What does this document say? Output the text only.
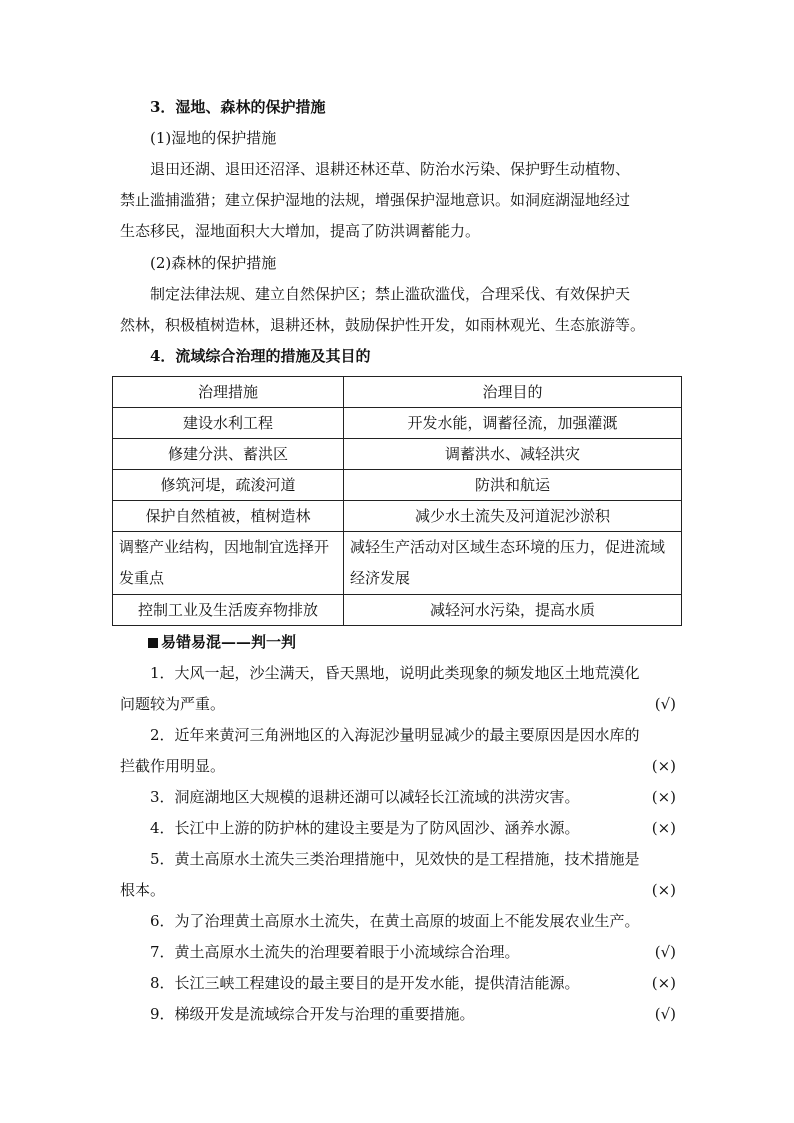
3．湿地、森林的保护措施
(1)湿地的保护措施
退田还湖、退田还沼泽、退耕还林还草、防治水污染、保护野生动植物、
禁止滥捕滥猎；建立保护湿地的法规，增强保护湿地意识。如洞庭湖湿地经过
生态移民，湿地面积大大增加，提高了防洪调蓄能力。
(2)森林的保护措施
制定法律法规、建立自然保护区；禁止滥砍滥伐，合理采伐、有效保护天
然林，积极植树造林，退耕还林，鼓励保护性开发，如雨林观光、生态旅游等。
4．流域综合治理的措施及其目的
治理措施	治理目的
建设水利工程	开发水能，调蓄径流，加强灌溉
修建分洪、蓄洪区	调蓄洪水、减轻洪灾
修筑河堤，疏浚河道	防洪和航运
保护自然植被，植树造林	减少水土流失及河道泥沙淤积
调整产业结构，因地制宜选择开发重点	减轻生产活动对区域生态环境的压力，促进流域经济发展
控制工业及生活废弃物排放	减轻河水污染，提高水质
易错易混——判一判
1．大风一起，沙尘满天，昏天黑地，说明此类现象的频发地区土地荒漠化
问题较为严重。	(√)
2．近年来黄河三角洲地区的入海泥沙量明显减少的最主要原因是因水库的
拦截作用明显。	(×)
3．洞庭湖地区大规模的退耕还湖可以减轻长江流域的洪涝灾害。	(×)
4．长江中上游的防护林的建设主要是为了防风固沙、涵养水源。	(×)
5．黄土高原水土流失三类治理措施中，见效快的是工程措施，技术措施是
根本。	(×)
6．为了治理黄土高原水土流失，在黄土高原的坡面上不能发展农业生产。
7．黄土高原水土流失的治理要着眼于小流域综合治理。	(√)
8．长江三峡工程建设的最主要目的是开发水能，提供清洁能源。	(×)
9．梯级开发是流域综合开发与治理的重要措施。	(√)
